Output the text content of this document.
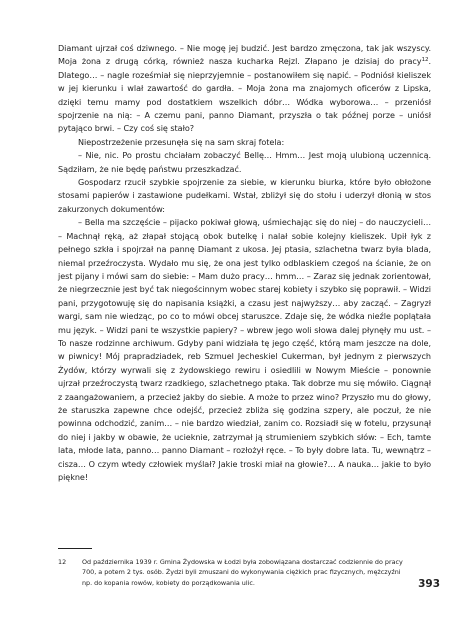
Diamant ujrzał coś dziwnego. – Nie mogę jej budzić. Jest bardzo zmęczona, tak jak wszyscy. Moja żona z drugą córką, również nasza kucharka Rejzl. Złapano je dzisiaj do pracy$^{12}$. Dlatego… – nagle roześmiał się nieprzyjemnie – postanowiłem się napić. – Podniósł kieliszek w jej kierunku i wlał zawartość do gardła. – Moja żona ma znajomych oficerów z Lipska, dzięki temu mamy pod dostatkiem wszelkich dóbr… Wódka wyborowa… – przeniósł spojrzenie na nią: – A czemu pani, panno Diamant, przyszła o tak późnej porze – uniósł pytająco brwi. – Czy coś się stało?

Niepostrzeżenie przesunęła się na sam skraj fotela:

– Nie, nic. Po prostu chciałam zobaczyć Bellę… Hmm… Jest moją ulubioną uczennicą. Sądziłam, że nie będę państwu przeszkadzać.

Gospodarz rzucił szybkie spojrzenie za siebie, w kierunku biurka, które było obłożone stosami papierów i zastawione pudełkami. Wstał, zbliżył się do stołu i uderzył dłonią w stos zakurzonych dokumentów:

– Bella ma szczęście – pijacko pokiwał głową, uśmiechając się do niej – do nauczycieli… – Machnął ręką, aż złapał stojącą obok butelkę i nalał sobie kolejny kieliszek. Upił łyk z pełnego szkła i spojrzał na pannę Diamant z ukosa. Jej ptasia, szlachetna twarz była blada, niemal przeźroczysta. Wydało mu się, że ona jest tylko odblaskiem czegoś na ścianie, że on jest pijany i mówi sam do siebie: – Mam dużo pracy… hmm… – Zaraz się jednak zorientował, że niegrzecznie jest być tak niegościnnym wobec starej kobiety i szybko się poprawił. – Widzi pani, przygotowuję się do napisania książki, a czasu jest najwyższy… aby zacząć. – Zagryzł wargi, sam nie wiedząc, po co to mówi obcej staruszce. Zdaje się, że wódka nieźle poplątała mu język. – Widzi pani te wszystkie papiery? – wbrew jego woli słowa dalej płynęły mu ust. – To nasze rodzinne archiwum. Gdyby pani widziała tę jego część, którą mam jeszcze na dole, w piwnicy! Mój prapradziadek, reb Szmuel Jecheskiel Cukerman, był jednym z pierwszych Żydów, którzy wyrwali się z żydowskiego rewiru i osiedlili w Nowym Mieście – ponownie ujrzał przeźroczystą twarz rzadkiego, szlachetnego ptaka. Tak dobrze mu się mówiło. Ciągnął z zaangażowaniem, a przecież jakby do siebie. A może to przez wino? Przyszło mu do głowy, że staruszka zapewne chce odejść, przecież zbliża się godzina szpery, ale poczuł, że nie powinna odchodzić, zanim… – nie bardzo wiedział, zanim co. Rozsiadł się w fotelu, przysunął do niej i jakby w obawie, że ucieknie, zatrzymał ją strumieniem szybkich słów: – Ech, tamte lata, młode lata, panno… panno Diamant – rozłożył ręce. – To były dobre lata. Tu, wewnątrz – cisza… O czym wtedy człowiek myślał? Jakie troski miał na głowie?… A nauka… jakie to było piękne!

12	Od października 1939 r. Gmina Żydowska w Łodzi była zobowiązana dostarczać codziennie do pracy 700, a potem 2 tys. osób. Żydzi byli zmuszani do wykonywania ciężkich prac fizycznych, mężczyźni np. do kopania rowów, kobiety do porządkowania ulic.	393
